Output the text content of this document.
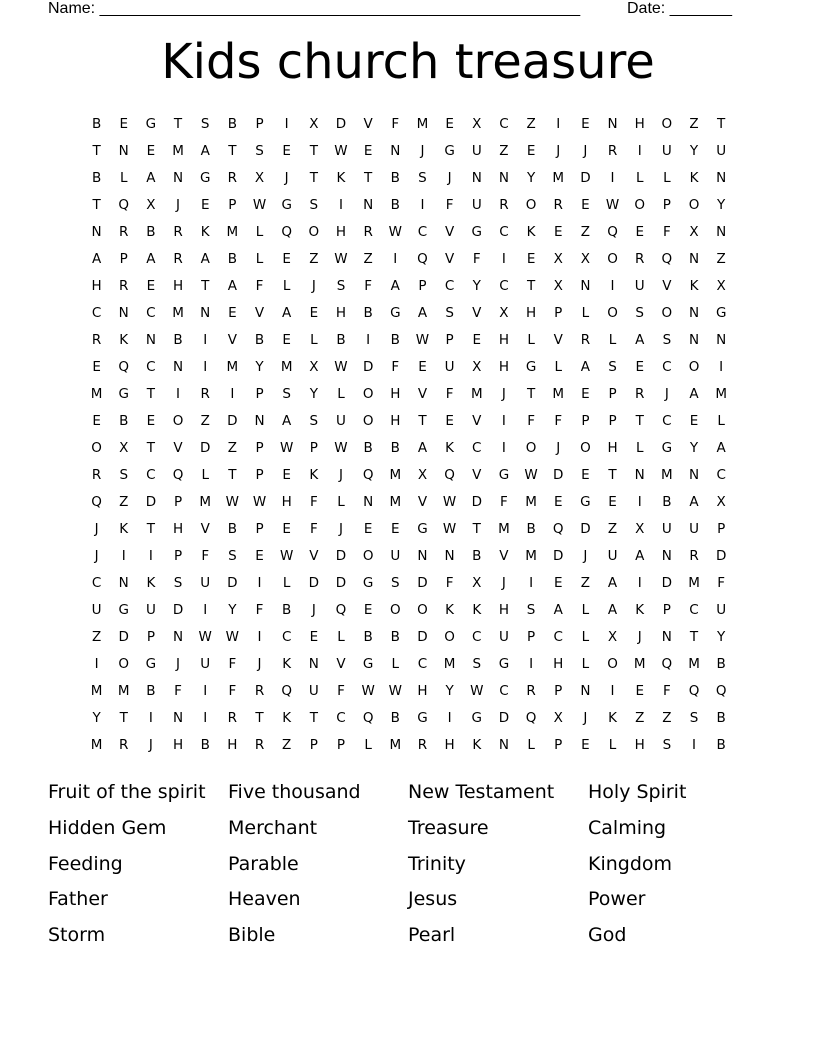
Name: ______________________________________________________	Date: _______
Kids church treasure
B	E	G	T	S	B	P	I	X	D	V	F	M	E	X	C	Z	I	E	N	H	O	Z	T
T	N	E	M	A	T	S	E	T	W	E	N	J	G	U	Z	E	J	J	R	I	U	Y	U
B	L	A	N	G	R	X	J	T	K	T	B	S	J	N	N	Y	M	D	I	L	L	K	N
T	Q	X	J	E	P	W	G	S	I	N	B	I	F	U	R	O	R	E	W	O	P	O	Y
N	R	B	R	K	M	L	Q	O	H	R	W	C	V	G	C	K	E	Z	Q	E	F	X	N
A	P	A	R	A	B	L	E	Z	W	Z	I	Q	V	F	I	E	X	X	O	R	Q	N	Z
H	R	E	H	T	A	F	L	J	S	F	A	P	C	Y	C	T	X	N	I	U	V	K	X
C	N	C	M	N	E	V	A	E	H	B	G	A	S	V	X	H	P	L	O	S	O	N	G
R	K	N	B	I	V	B	E	L	B	I	B	W	P	E	H	L	V	R	L	A	S	N	N
E	Q	C	N	I	M	Y	M	X	W	D	F	E	U	X	H	G	L	A	S	E	C	O	I
M	G	T	I	R	I	P	S	Y	L	O	H	V	F	M	J	T	M	E	P	R	J	A	M
E	B	E	O	Z	D	N	A	S	U	O	H	T	E	V	I	F	F	P	P	T	C	E	L
O	X	T	V	D	Z	P	W	P	W	B	B	A	K	C	I	O	J	O	H	L	G	Y	A
R	S	C	Q	L	T	P	E	K	J	Q	M	X	Q	V	G	W	D	E	T	N	M	N	C
Q	Z	D	P	M	W	W	H	F	L	N	M	V	W	D	F	M	E	G	E	I	B	A	X
J	K	T	H	V	B	P	E	F	J	E	E	G	W	T	M	B	Q	D	Z	X	U	U	P
J	I	I	P	F	S	E	W	V	D	O	U	N	N	B	V	M	D	J	U	A	N	R	D
C	N	K	S	U	D	I	L	D	D	G	S	D	F	X	J	I	E	Z	A	I	D	M	F
U	G	U	D	I	Y	F	B	J	Q	E	O	O	K	K	H	S	A	L	A	K	P	C	U
Z	D	P	N	W	W	I	C	E	L	B	B	D	O	C	U	P	C	L	X	J	N	T	Y
I	O	G	J	U	F	J	K	N	V	G	L	C	M	S	G	I	H	L	O	M	Q	M	B
M	M	B	F	I	F	R	Q	U	F	W	W	H	Y	W	C	R	P	N	I	E	F	Q	Q
Y	T	I	N	I	R	T	K	T	C	Q	B	G	I	G	D	Q	X	J	K	Z	Z	S	B
M	R	J	H	B	H	R	Z	P	P	L	M	R	H	K	N	L	P	E	L	H	S	I	B
Fruit of the spirit	Five thousand	New Testament	Holy Spirit
Hidden Gem	Merchant	Treasure	Calming
Feeding	Parable	Trinity	Kingdom
Father	Heaven	Jesus	Power
Storm	Bible	Pearl	God
